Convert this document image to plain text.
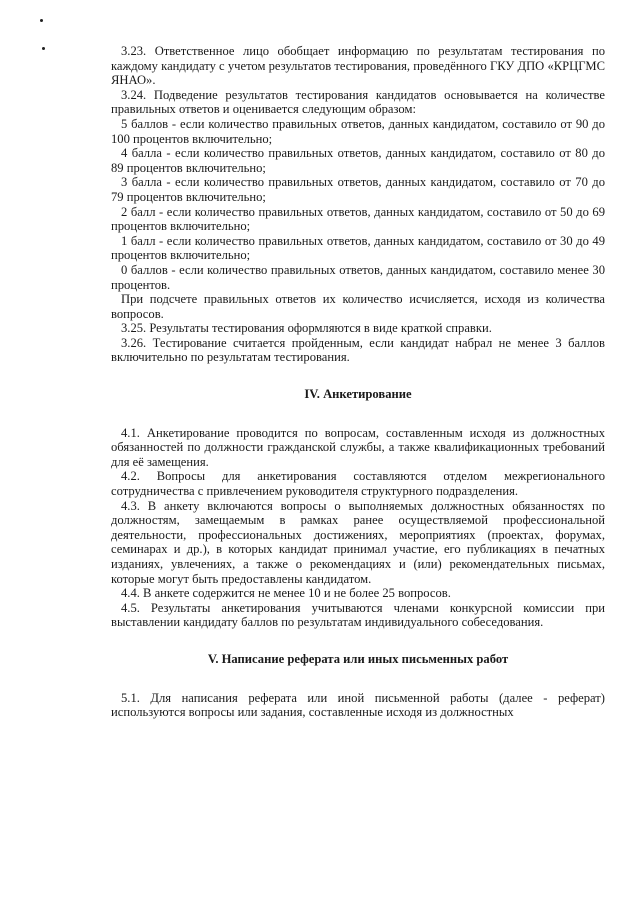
3.23. Ответственное лицо обобщает информацию по результатам тестирования по каждому кандидату с учетом результатов тестирования, проведённого ГКУ ДПО «КРЦГМС ЯНАО».

3.24. Подведение результатов тестирования кандидатов основывается на количестве правильных ответов и оценивается следующим образом:

5 баллов - если количество правильных ответов, данных кандидатом, составило от 90 до 100 процентов включительно;

4 балла - если количество правильных ответов, данных кандидатом, составило от 80 до 89 процентов включительно;

3 балла - если количество правильных ответов, данных кандидатом, составило от 70 до 79 процентов включительно;

2 балл - если количество правильных ответов, данных кандидатом, составило от 50 до 69 процентов включительно;

1 балл - если количество правильных ответов, данных кандидатом, составило от 30 до 49 процентов включительно;

0 баллов - если количество правильных ответов, данных кандидатом, составило менее 30 процентов.

При подсчете правильных ответов их количество исчисляется, исходя из количества вопросов.

3.25. Результаты тестирования оформляются в виде краткой справки.

3.26. Тестирование считается пройденным, если кандидат набрал не менее 3 баллов включительно по результатам тестирования.

IV. Анкетирование

4.1. Анкетирование проводится по вопросам, составленным исходя из должностных обязанностей по должности гражданской службы, а также квалификационных требований для её замещения.

4.2. Вопросы для анкетирования составляются отделом межрегионального сотрудничества с привлечением руководителя структурного подразделения.

4.3. В анкету включаются вопросы о выполняемых должностных обязанностях по должностям, замещаемым в рамках ранее осуществляемой профессиональной деятельности, профессиональных достижениях, мероприятиях (проектах, форумах, семинарах и др.), в которых кандидат принимал участие, его публикациях в печатных изданиях, увлечениях, а также о рекомендациях и (или) рекомендательных письмах, которые могут быть предоставлены кандидатом.

4.4. В анкете содержится не менее 10 и не более 25 вопросов.

4.5. Результаты анкетирования учитываются членами конкурсной комиссии при выставлении кандидату баллов по результатам индивидуального собеседования.

V. Написание реферата или иных письменных работ

5.1. Для написания реферата или иной письменной работы (далее - реферат) используются вопросы или задания, составленные исходя из должностных
